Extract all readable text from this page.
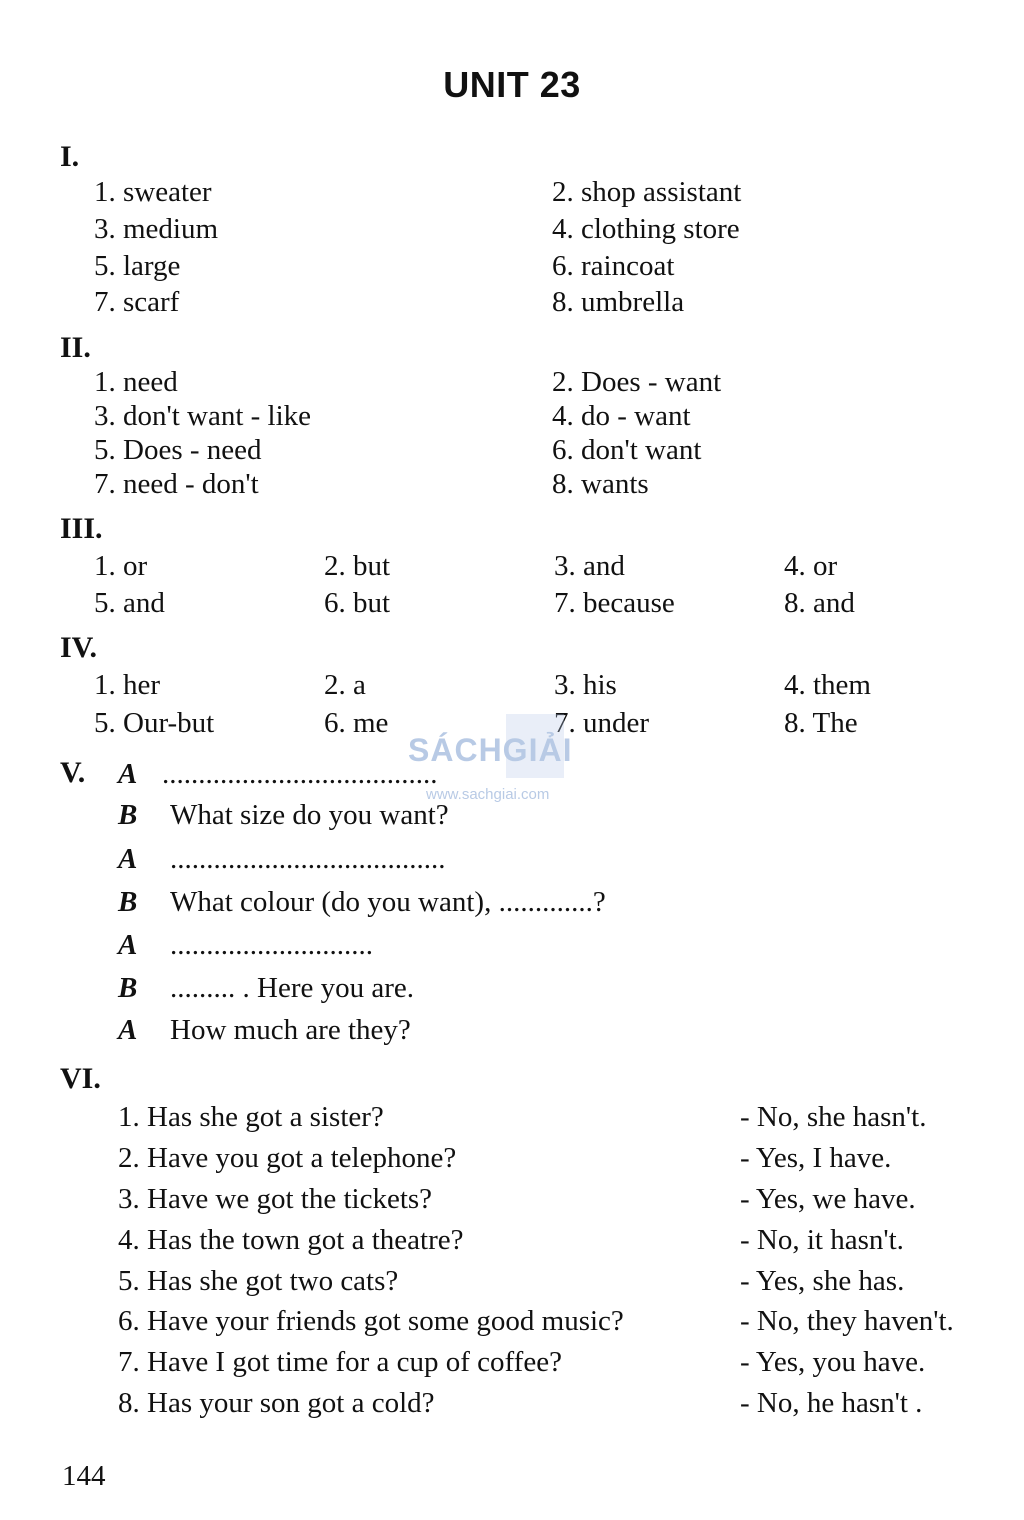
UNIT 23
I.
1. sweater	2. shop assistant
3. medium	4. clothing store
5. large	6. raincoat
7. scarf	8. umbrella
II.
1. need	2. Does - want
3. don't want - like	4. do - want
5. Does - need	6. don't want
7. need - don't	8. wants
III.
1. or	2. but	3. and	4. or
5. and	6. but	7. because	8. and
IV.
1. her	2. a	3. his	4. them
5. Our-but	6. me	7. under	8. The
SÁCHGIẢI
www.sachgiai.com
V. A ......................................
B What size do you want?
A ......................................
B What colour (do you want), .............?
A ............................
B ......... . Here you are.
A How much are they?
VI.
1. Has she got a sister?	- No, she hasn't.
2. Have you got a telephone?	- Yes, I have.
3. Have we got the tickets?	- Yes, we have.
4. Has the town got a theatre?	- No, it hasn't.
5. Has she got two cats?	- Yes, she has.
6. Have your friends got some good music?	- No, they haven't.
7. Have I got time for a cup of coffee?	- Yes, you have.
8. Has your son got a cold?	- No, he hasn't .
144
